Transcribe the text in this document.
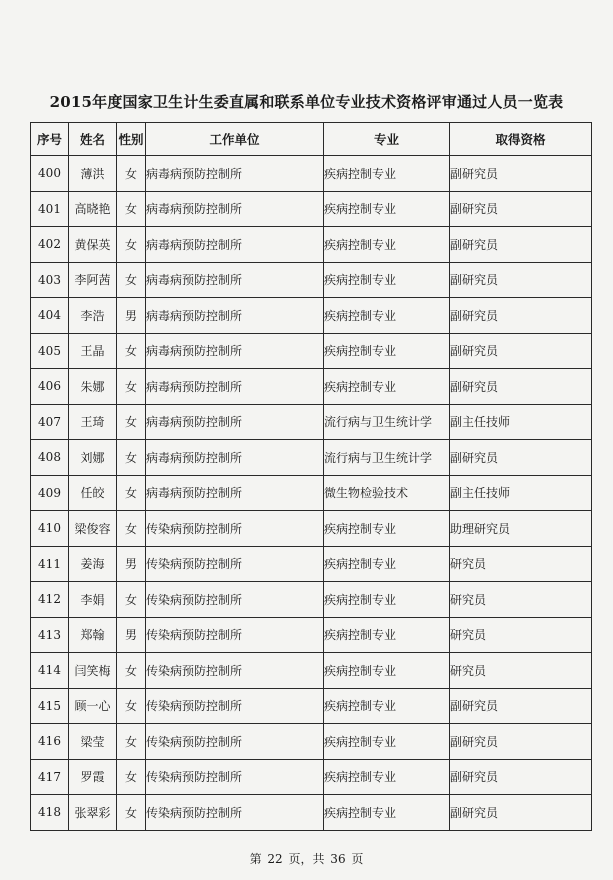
2015年度国家卫生计生委直属和联系单位专业技术资格评审通过人员一览表
序号	姓名	性别	工作单位	专业	取得资格
400	薄洪	女	病毒病预防控制所	疾病控制专业	副研究员
401	高晓艳	女	病毒病预防控制所	疾病控制专业	副研究员
402	黄保英	女	病毒病预防控制所	疾病控制专业	副研究员
403	李阿茜	女	病毒病预防控制所	疾病控制专业	副研究员
404	李浩	男	病毒病预防控制所	疾病控制专业	副研究员
405	王晶	女	病毒病预防控制所	疾病控制专业	副研究员
406	朱娜	女	病毒病预防控制所	疾病控制专业	副研究员
407	王琦	女	病毒病预防控制所	流行病与卫生统计学	副主任技师
408	刘娜	女	病毒病预防控制所	流行病与卫生统计学	副研究员
409	任皎	女	病毒病预防控制所	微生物检验技术	副主任技师
410	梁俊容	女	传染病预防控制所	疾病控制专业	助理研究员
411	姜海	男	传染病预防控制所	疾病控制专业	研究员
412	李娟	女	传染病预防控制所	疾病控制专业	研究员
413	郑翰	男	传染病预防控制所	疾病控制专业	研究员
414	闫笑梅	女	传染病预防控制所	疾病控制专业	研究员
415	顾一心	女	传染病预防控制所	疾病控制专业	副研究员
416	梁莹	女	传染病预防控制所	疾病控制专业	副研究员
417	罗霞	女	传染病预防控制所	疾病控制专业	副研究员
418	张翠彩	女	传染病预防控制所	疾病控制专业	副研究员
第 22 页，共 36 页
